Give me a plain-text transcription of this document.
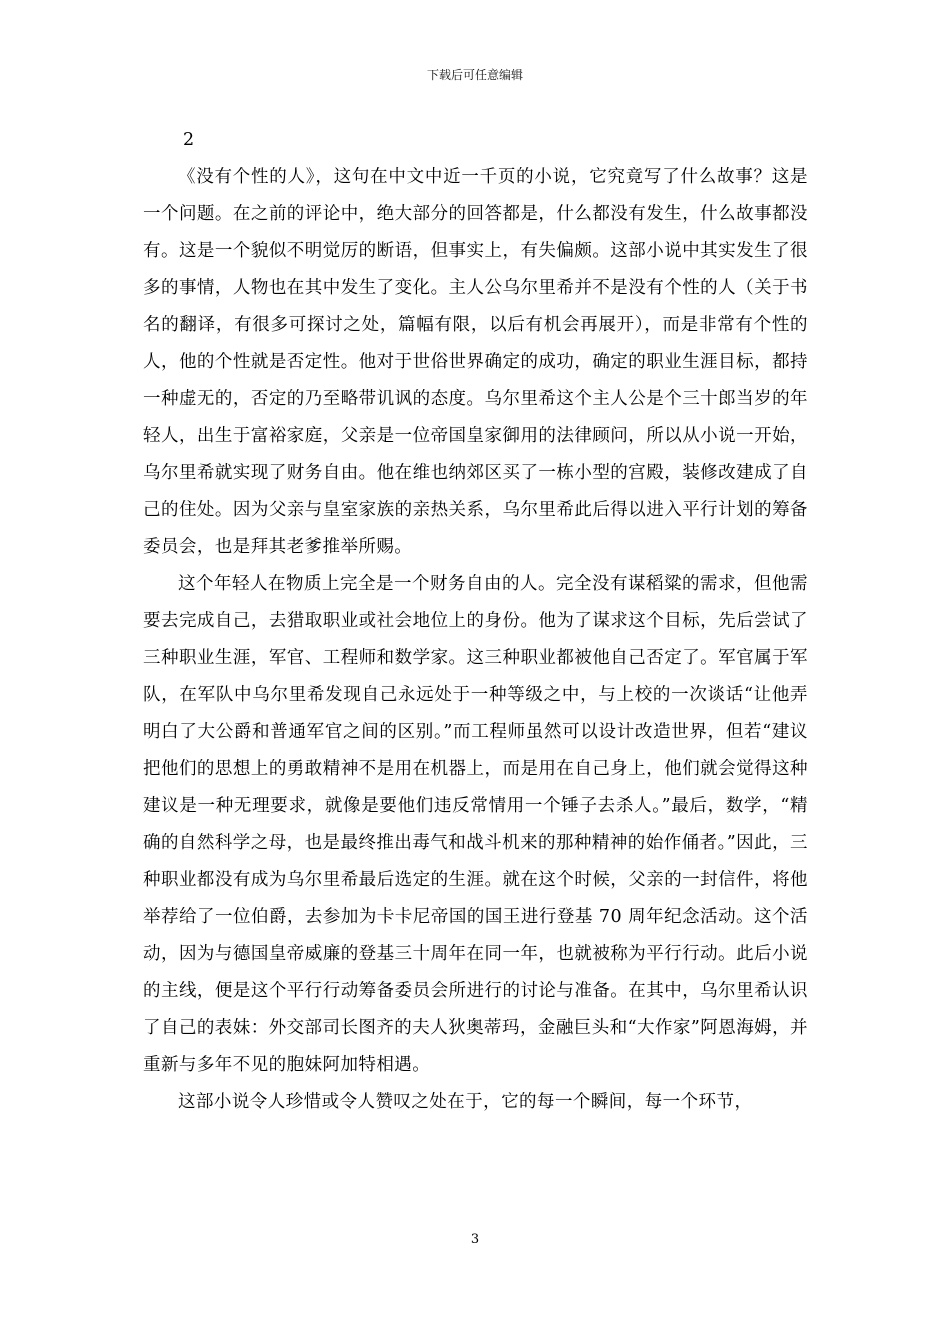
下载后可任意编辑
2

《没有个性的人》，这句在中文中近一千页的小说，它究竟写了什么故事？这是一个问题。在之前的评论中，绝大部分的回答都是，什么都没有发生，什么故事都没有。这是一个貌似不明觉厉的断语，但事实上，有失偏颇。这部小说中其实发生了很多的事情，人物也在其中发生了变化。主人公乌尔里希并不是没有个性的人（关于书名的翻译，有很多可探讨之处，篇幅有限，以后有机会再展开），而是非常有个性的人，他的个性就是否定性。他对于世俗世界确定的成功，确定的职业生涯目标，都持一种虚无的，否定的乃至略带讥讽的态度。乌尔里希这个主人公是个三十郎当岁的年轻人，出生于富裕家庭，父亲是一位帝国皇家御用的法律顾问，所以从小说一开始，乌尔里希就实现了财务自由。他在维也纳郊区买了一栋小型的宫殿，装修改建成了自己的住处。因为父亲与皇室家族的亲热关系，乌尔里希此后得以进入平行计划的筹备委员会，也是拜其老爹推举所赐。

这个年轻人在物质上完全是一个财务自由的人。完全没有谋稻粱的需求，但他需要去完成自己，去猎取职业或社会地位上的身份。他为了谋求这个目标，先后尝试了三种职业生涯，军官、工程师和数学家。这三种职业都被他自己否定了。军官属于军队，在军队中乌尔里希发现自己永远处于一种等级之中，与上校的一次谈话“让他弄明白了大公爵和普通军官之间的区别。”而工程师虽然可以设计改造世界，但若“建议把他们的思想上的勇敢精神不是用在机器上，而是用在自己身上，他们就会觉得这种建议是一种无理要求，就像是要他们违反常情用一个锤子去杀人。”最后，数学，“精确的自然科学之母，也是最终推出毒气和战斗机来的那种精神的始作俑者。”因此，三种职业都没有成为乌尔里希最后选定的生涯。就在这个时候，父亲的一封信件，将他举荐给了一位伯爵，去参加为卡卡尼帝国的国王进行登基 70 周年纪念活动。这个活动，因为与德国皇帝威廉的登基三十周年在同一年，也就被称为平行行动。此后小说的主线，便是这个平行行动筹备委员会所进行的讨论与准备。在其中，乌尔里希认识了自己的表妹：外交部司长图齐的夫人狄奥蒂玛，金融巨头和“大作家”阿恩海姆，并重新与多年不见的胞妹阿加特相遇。

这部小说令人珍惜或令人赞叹之处在于，它的每一个瞬间，每一个环节，

3
